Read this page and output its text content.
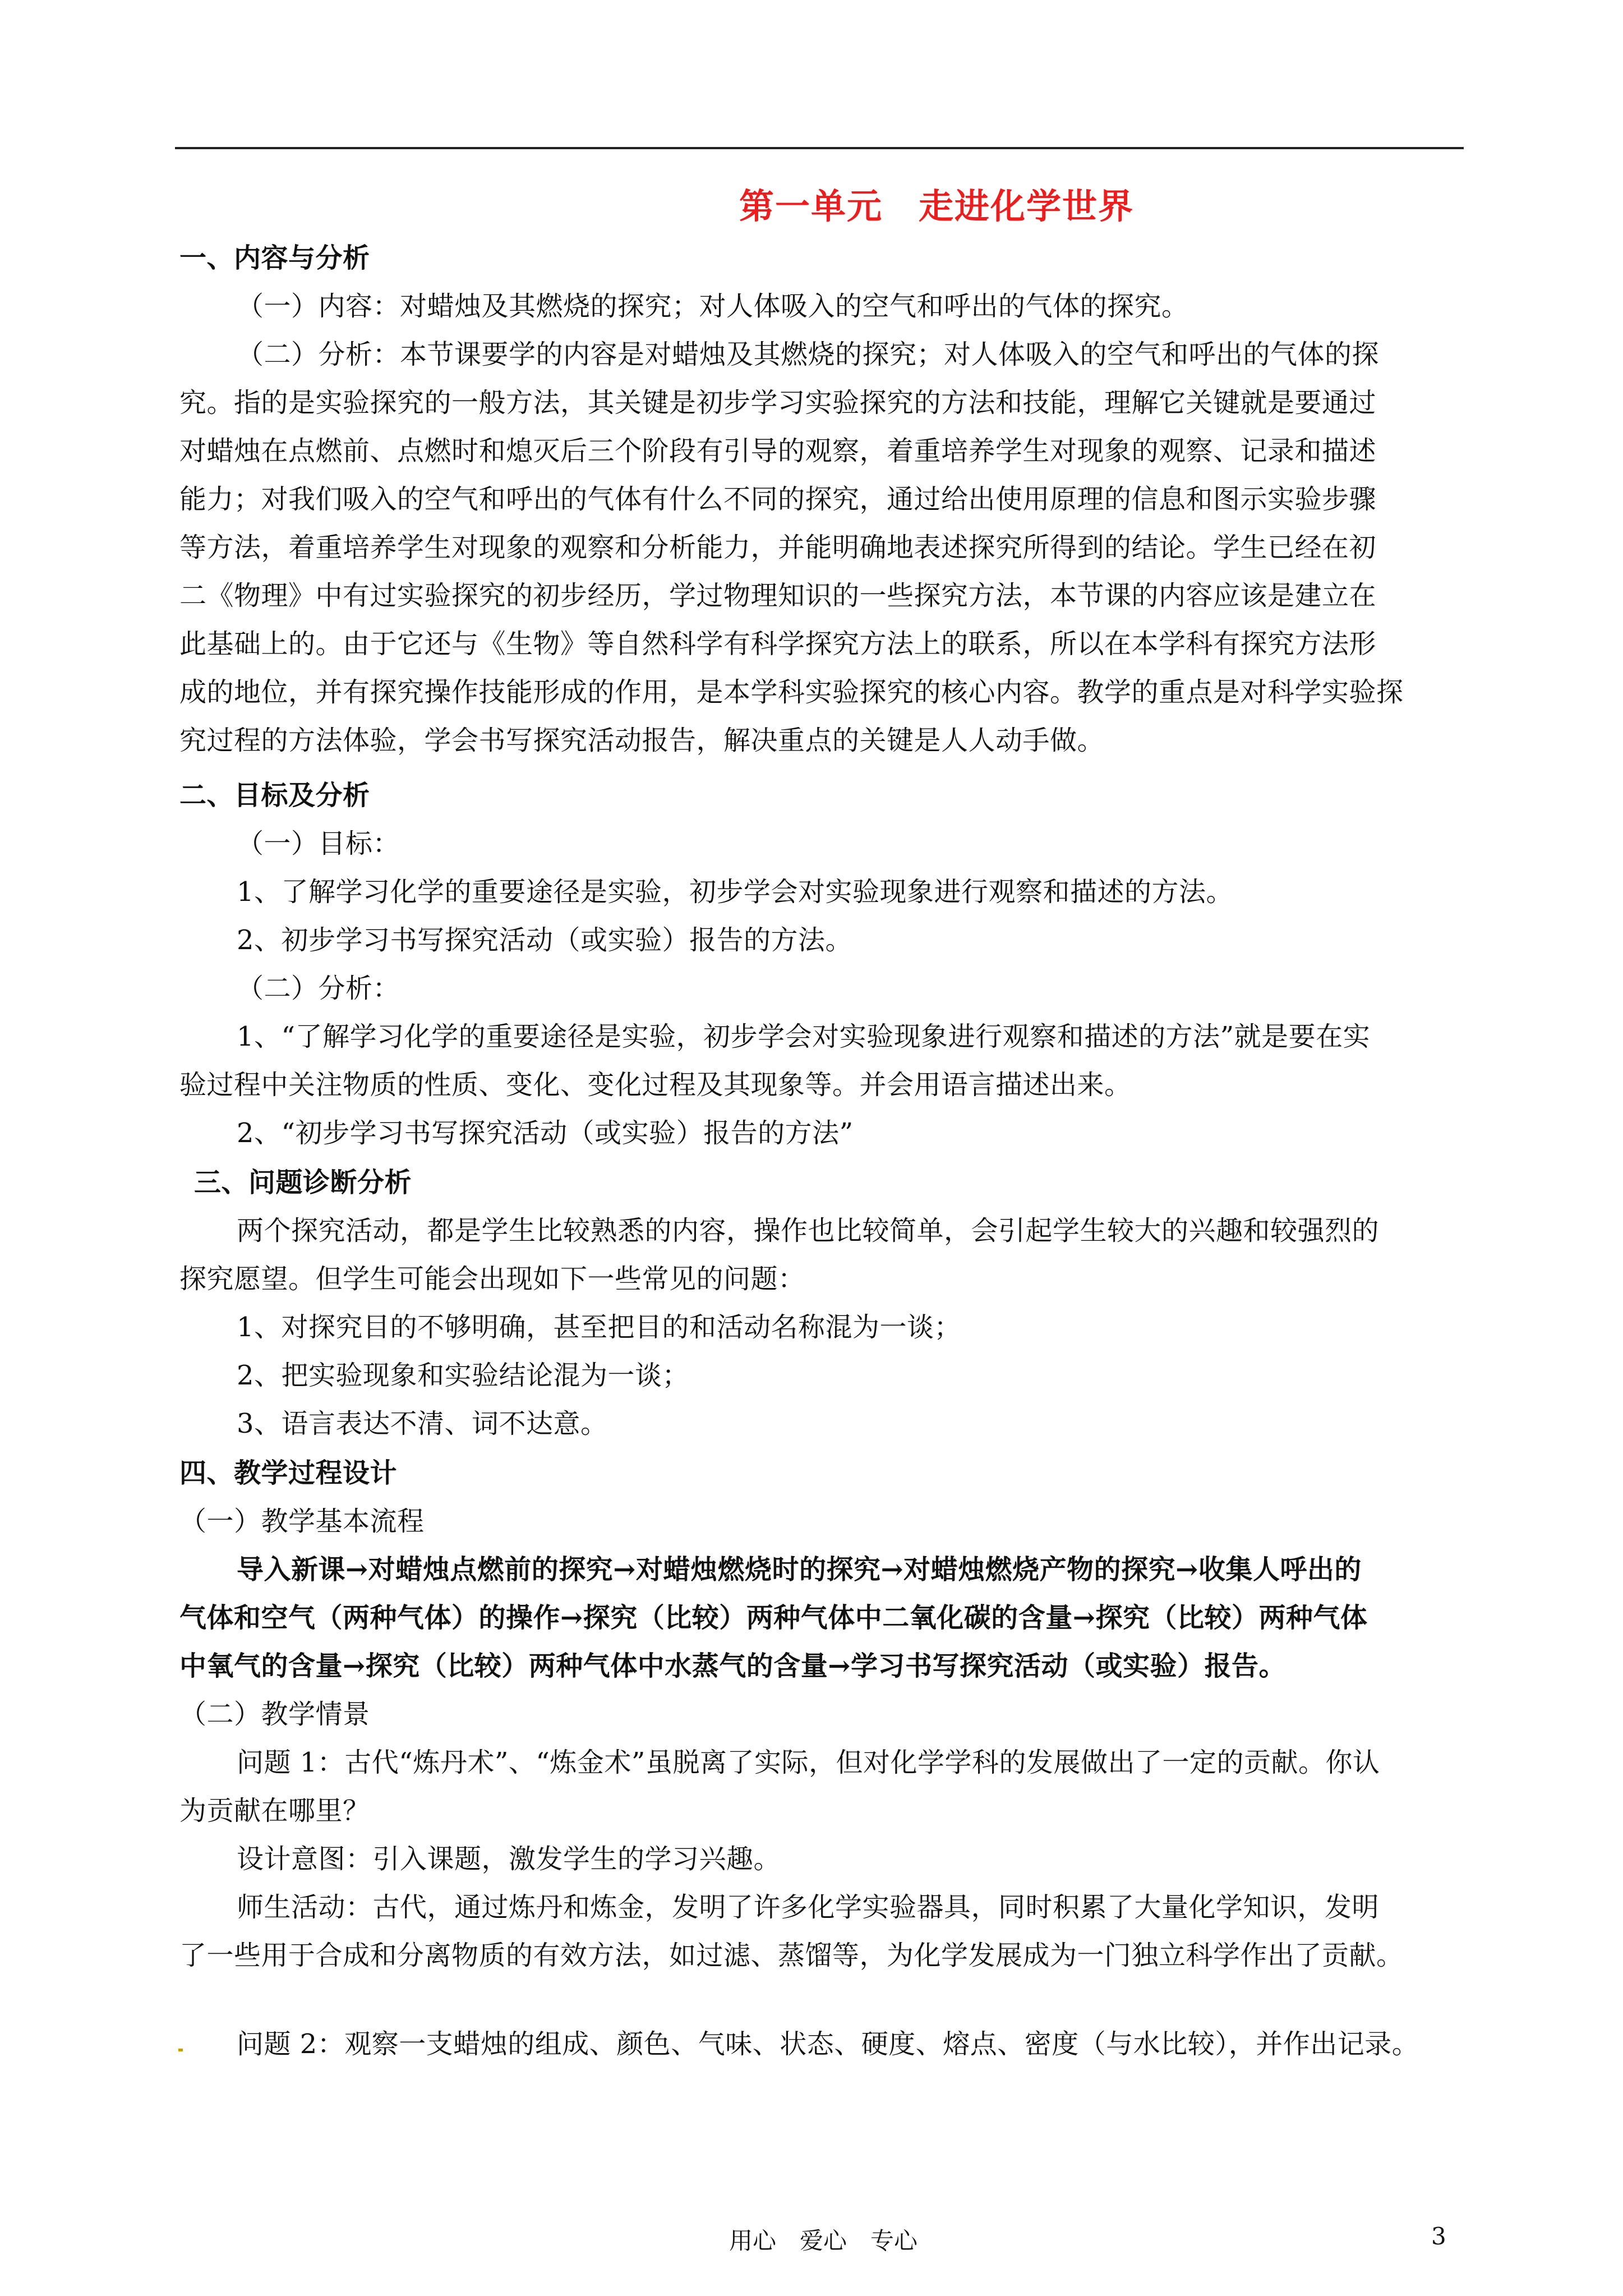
第一单元　走进化学世界
一、内容与分析
（一）内容：对蜡烛及其燃烧的探究；对人体吸入的空气和呼出的气体的探究。
（二）分析：本节课要学的内容是对蜡烛及其燃烧的探究；对人体吸入的空气和呼出的气体的探
究。指的是实验探究的一般方法，其关键是初步学习实验探究的方法和技能，理解它关键就是要通过
对蜡烛在点燃前、点燃时和熄灭后三个阶段有引导的观察，着重培养学生对现象的观察、记录和描述
能力；对我们吸入的空气和呼出的气体有什么不同的探究，通过给出使用原理的信息和图示实验步骤
等方法，着重培养学生对现象的观察和分析能力，并能明确地表述探究所得到的结论。学生已经在初
二《物理》中有过实验探究的初步经历，学过物理知识的一些探究方法，本节课的内容应该是建立在
此基础上的。由于它还与《生物》等自然科学有科学探究方法上的联系，所以在本学科有探究方法形
成的地位，并有探究操作技能形成的作用，是本学科实验探究的核心内容。教学的重点是对科学实验探
究过程的方法体验，学会书写探究活动报告，解决重点的关键是人人动手做。
二、目标及分析
（一）目标：
1、了解学习化学的重要途径是实验，初步学会对实验现象进行观察和描述的方法。
2、初步学习书写探究活动（或实验）报告的方法。
（二）分析：
1、“了解学习化学的重要途径是实验，初步学会对实验现象进行观察和描述的方法”就是要在实
验过程中关注物质的性质、变化、变化过程及其现象等。并会用语言描述出来。
2、“初步学习书写探究活动（或实验）报告的方法”
三、问题诊断分析
两个探究活动，都是学生比较熟悉的内容，操作也比较简单，会引起学生较大的兴趣和较强烈的
探究愿望。但学生可能会出现如下一些常见的问题：
1、对探究目的不够明确，甚至把目的和活动名称混为一谈；
2、把实验现象和实验结论混为一谈；
3、语言表达不清、词不达意。
四、教学过程设计
（一）教学基本流程
导入新课→对蜡烛点燃前的探究→对蜡烛燃烧时的探究→对蜡烛燃烧产物的探究→收集人呼出的
气体和空气（两种气体）的操作→探究（比较）两种气体中二氧化碳的含量→探究（比较）两种气体
中氧气的含量→探究（比较）两种气体中水蒸气的含量→学习书写探究活动（或实验）报告。
（二）教学情景
问题 1：古代“炼丹术”、“炼金术”虽脱离了实际，但对化学学科的发展做出了一定的贡献。你认
为贡献在哪里？
设计意图：引入课题，激发学生的学习兴趣。
师生活动：古代，通过炼丹和炼金，发明了许多化学实验器具，同时积累了大量化学知识，发明
了一些用于合成和分离物质的有效方法，如过滤、蒸馏等，为化学发展成为一门独立科学作出了贡献。
问题 2：观察一支蜡烛的组成、颜色、气味、状态、硬度、熔点、密度（与水比较），并作出记录。
用心　爱心　专心	3
